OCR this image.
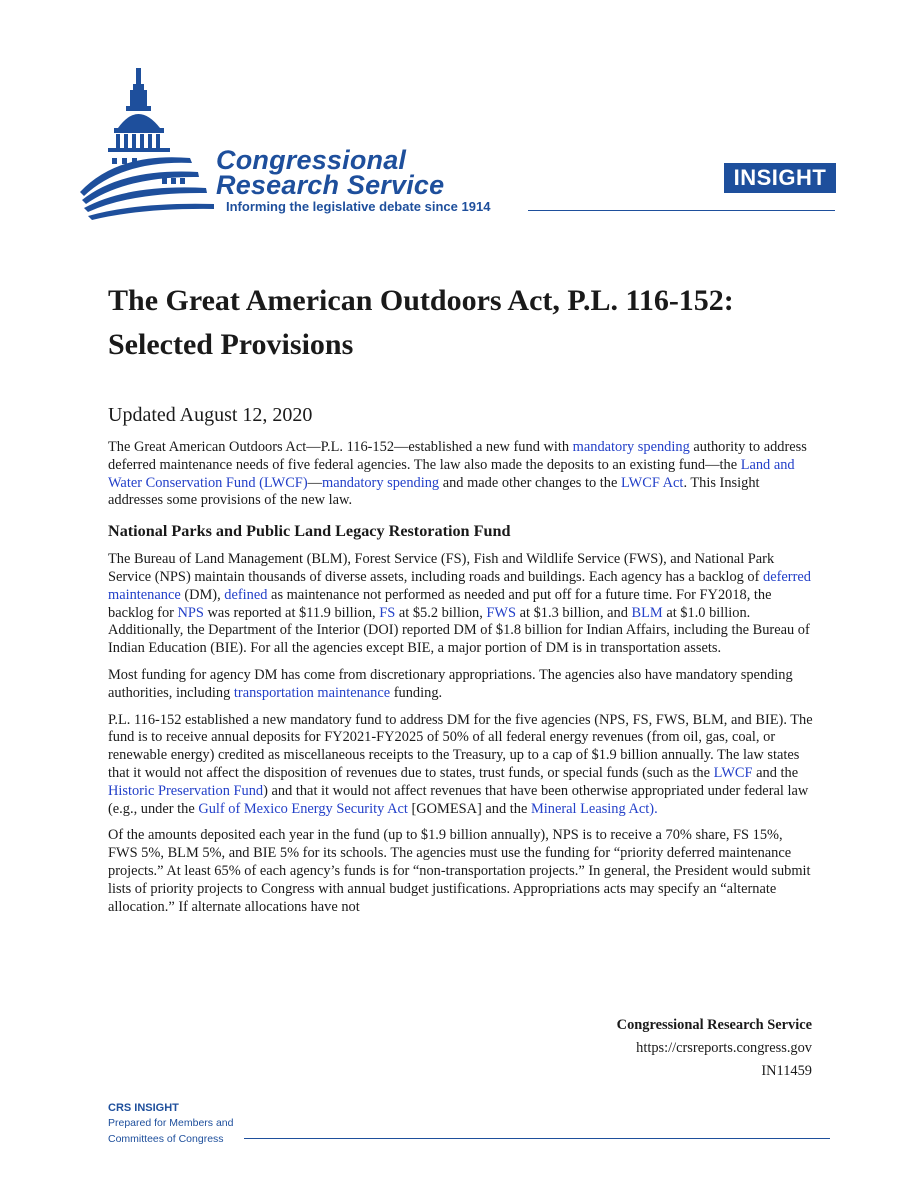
Congressional
Research Service
Informing the legislative debate since 1914
INSIGHT
The Great American Outdoors Act, P.L. 116-152: Selected Provisions
Updated August 12, 2020

The Great American Outdoors Act—P.L. 116-152—established a new fund with mandatory spending authority to address deferred maintenance needs of five federal agencies. The law also made the deposits to an existing fund—the Land and Water Conservation Fund (LWCF)—mandatory spending and made other changes to the LWCF Act. This Insight addresses some provisions of the new law.

National Parks and Public Land Legacy Restoration Fund

The Bureau of Land Management (BLM), Forest Service (FS), Fish and Wildlife Service (FWS), and National Park Service (NPS) maintain thousands of diverse assets, including roads and buildings. Each agency has a backlog of deferred maintenance (DM), defined as maintenance not performed as needed and put off for a future time. For FY2018, the backlog for NPS was reported at $11.9 billion, FS at $5.2 billion, FWS at $1.3 billion, and BLM at $1.0 billion. Additionally, the Department of the Interior (DOI) reported DM of $1.8 billion for Indian Affairs, including the Bureau of Indian Education (BIE). For all the agencies except BIE, a major portion of DM is in transportation assets.

Most funding for agency DM has come from discretionary appropriations. The agencies also have mandatory spending authorities, including transportation maintenance funding.

P.L. 116-152 established a new mandatory fund to address DM for the five agencies (NPS, FS, FWS, BLM, and BIE). The fund is to receive annual deposits for FY2021-FY2025 of 50% of all federal energy revenues (from oil, gas, coal, or renewable energy) credited as miscellaneous receipts to the Treasury, up to a cap of $1.9 billion annually. The law states that it would not affect the disposition of revenues due to states, trust funds, or special funds (such as the LWCF and the Historic Preservation Fund) and that it would not affect revenues that have been otherwise appropriated under federal law (e.g., under the Gulf of Mexico Energy Security Act [GOMESA] and the Mineral Leasing Act).

Of the amounts deposited each year in the fund (up to $1.9 billion annually), NPS is to receive a 70% share, FS 15%, FWS 5%, BLM 5%, and BIE 5% for its schools. The agencies must use the funding for “priority deferred maintenance projects.” At least 65% of each agency’s funds is for “non-transportation projects.” In general, the President would submit lists of priority projects to Congress with annual budget justifications. Appropriations acts may specify an “alternate allocation.” If alternate allocations have not

Congressional Research Service
https://crsreports.congress.gov
IN11459
CRS INSIGHT
Prepared for Members and
Committees of Congress
